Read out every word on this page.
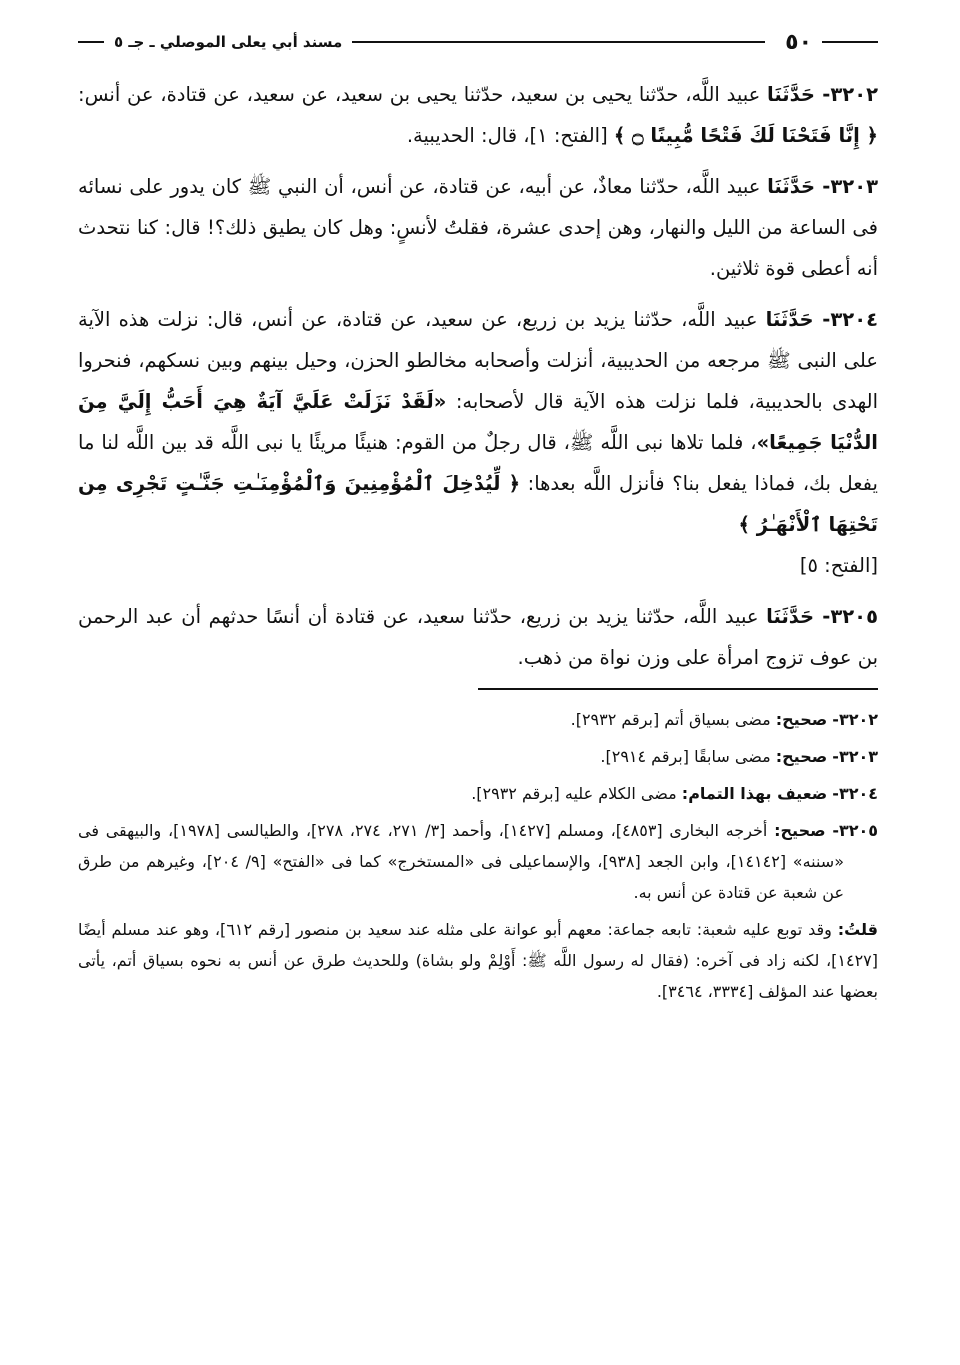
٥٠
مسند أبي يعلى الموصلي ـ جـ ٥

٣٢٠٢- حَدَّثَنَا عبيد اللَّه، حدّثنا يحيى بن سعيد، حدّثنا يحيى بن سعيد، عن سعيد، عن قتادة، عن أنس: ﴿ إِنَّا فَتَحْنَا لَكَ فَتْحًا مُّبِينًا ۝ ﴾ [الفتح: ١]، قال: الحديبية.

٣٢٠٣- حَدَّثَنَا عبيد اللَّه، حدّثنا معاذٌ، عن أبيه، عن قتادة، عن أنس، أن النبي ﷺ كان يدور على نسائه فى الساعة من الليل والنهار، وهن إحدى عشرة، فقلتُ لأنسٍ: وهل كان يطيق ذلك؟! قال: كنا نتحدث أنه أعطى قوة ثلاثين.

٣٢٠٤- حَدَّثَنَا عبيد اللَّه، حدّثنا يزيد بن زريع، عن سعيد، عن قتادة، عن أنس، قال: نزلت هذه الآية على النبى ﷺ مرجعه من الحديبية، أنزلت وأصحابه مخالطو الحزن، وحيل بينهم وبين نسكهم، فنحروا الهدى بالحديبية، فلما نزلت هذه الآية قال لأصحابه: «لَقَدْ نَزَلَتْ عَلَيَّ آيَةٌ هِيَ أَحَبُّ إِلَيَّ مِنَ الدُّنْيَا جَمِيعًا»، فلما تلاها نبى اللَّه ﷺ، قال رجلٌ من القوم: هنيئًا مريئًا يا نبى اللَّه قد بين اللَّه لنا ما يفعل بك، فماذا يفعل بنا؟ فأنزل اللَّه بعدها: ﴿ لِّيُدْخِلَ ٱلْمُؤْمِنِينَ وَٱلْمُؤْمِنَـٰتِ جَنَّـٰتٍ تَجْرِى مِن تَحْتِهَا ٱلْأَنْهَـٰرُ ﴾
[الفتح: ٥]

٣٢٠٥- حَدَّثَنَا عبيد اللَّه، حدّثنا يزيد بن زريع، حدّثنا سعيد، عن قتادة أن أنسًا حدثهم أن عبد الرحمن بن عوف تزوج امرأة على وزن نواة من ذهب.

٣٢٠٢- صحيح: مضى بسياق أتم [برقم ٢٩٣٢].

٣٢٠٣- صحيح: مضى سابقًا [برقم ٢٩١٤].

٣٢٠٤- ضعيف بهذا التمام: مضى الكلام عليه [برقم ٢٩٣٢].

٣٢٠٥- صحيح: أخرجه البخارى [٤٨٥٣]، ومسلم [١٤٢٧]، وأحمد [٣/ ٢٧١، ٢٧٤، ٢٧٨]، والطيالسى [١٩٧٨]، والبيهقى فى «سننه» [١٤١٤٢]، وابن الجعد [٩٣٨]، والإسماعيلى فى «المستخرج» كما فى «الفتح» [٩/ ٢٠٤]، وغيرهم من طرق عن شعبة عن قتادة عن أنس به.

قلتُ: وقد توبع عليه شعبة: تابعه جماعة: معهم أبو عوانة على مثله عند سعيد بن منصور [رقم ٦١٢]، وهو عند مسلم أيضًا [١٤٢٧]، لكنه زاد فى آخره: (فقال له رسول اللَّه ﷺ: أَوْلِمْ ولو بشاة) وللحديث طرق عن أنس به نحوه بسياق أتم، يأتى بعضها عند المؤلف [٣٣٣٤، ٣٤٦٤].
